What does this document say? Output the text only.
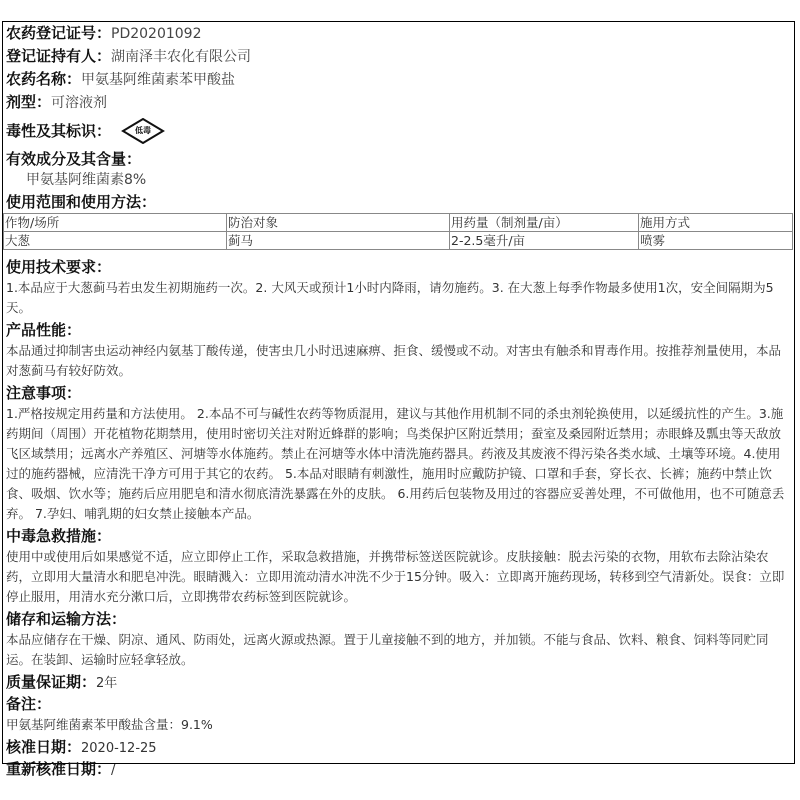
农药登记证号：PD20201092
登记证持有人：湖南泽丰农化有限公司
农药名称：甲氨基阿维菌素苯甲酸盐
剂型：可溶液剂
毒性及其标识：	低毒
有效成分及其含量：
甲氨基阿维菌素8%
使用范围和使用方法：
作物/场所	防治对象	用药量（制剂量/亩）	施用方式
大葱	蓟马	2-2.5毫升/亩	喷雾
使用技术要求：
1.本品应于大葱蓟马若虫发生初期施药一次。2. 大风天或预计1小时内降雨，请勿施药。3. 在大葱上每季作物最多使用1次，安全间隔期为5天。
产品性能：
本品通过抑制害虫运动神经内氨基丁酸传递，使害虫几小时迅速麻痹、拒食、缓慢或不动。对害虫有触杀和胃毒作用。按推荐剂量使用，本品对葱蓟马有较好防效。
注意事项：
1.严格按规定用药量和方法使用。 2.本品不可与碱性农药等物质混用，建议与其他作用机制不同的杀虫剂轮换使用，以延缓抗性的产生。3.施药期间（周围）开花植物花期禁用，使用时密切关注对附近蜂群的影响；鸟类保护区附近禁用；蚕室及桑园附近禁用；赤眼蜂及瓢虫等天敌放飞区域禁用；远离水产养殖区、河塘等水体施药。禁止在河塘等水体中清洗施药器具。药液及其废液不得污染各类水域、土壤等环境。4.使用过的施药器械，应清洗干净方可用于其它的农药。 5.本品对眼睛有刺激性，施用时应戴防护镜、口罩和手套，穿长衣、长裤；施药中禁止饮食、吸烟、饮水等；施药后应用肥皂和清水彻底清洗暴露在外的皮肤。 6.用药后包装物及用过的容器应妥善处理，不可做他用，也不可随意丢弃。 7.孕妇、哺乳期的妇女禁止接触本产品。
中毒急救措施：
使用中或使用后如果感觉不适，应立即停止工作，采取急救措施，并携带标签送医院就诊。皮肤接触：脱去污染的衣物，用软布去除沾染农药，立即用大量清水和肥皂冲洗。眼睛溅入：立即用流动清水冲洗不少于15分钟。吸入：立即离开施药现场，转移到空气清新处。误食：立即停止服用，用清水充分漱口后，立即携带农药标签到医院就诊。
储存和运输方法：
本品应储存在干燥、阴凉、通风、防雨处，远离火源或热源。置于儿童接触不到的地方，并加锁。不能与食品、饮料、粮食、饲料等同贮同运。在装卸、运输时应轻拿轻放。
质量保证期：2年
备注：
甲氨基阿维菌素苯甲酸盐含量：9.1%
核准日期：2020-12-25
重新核准日期：/
